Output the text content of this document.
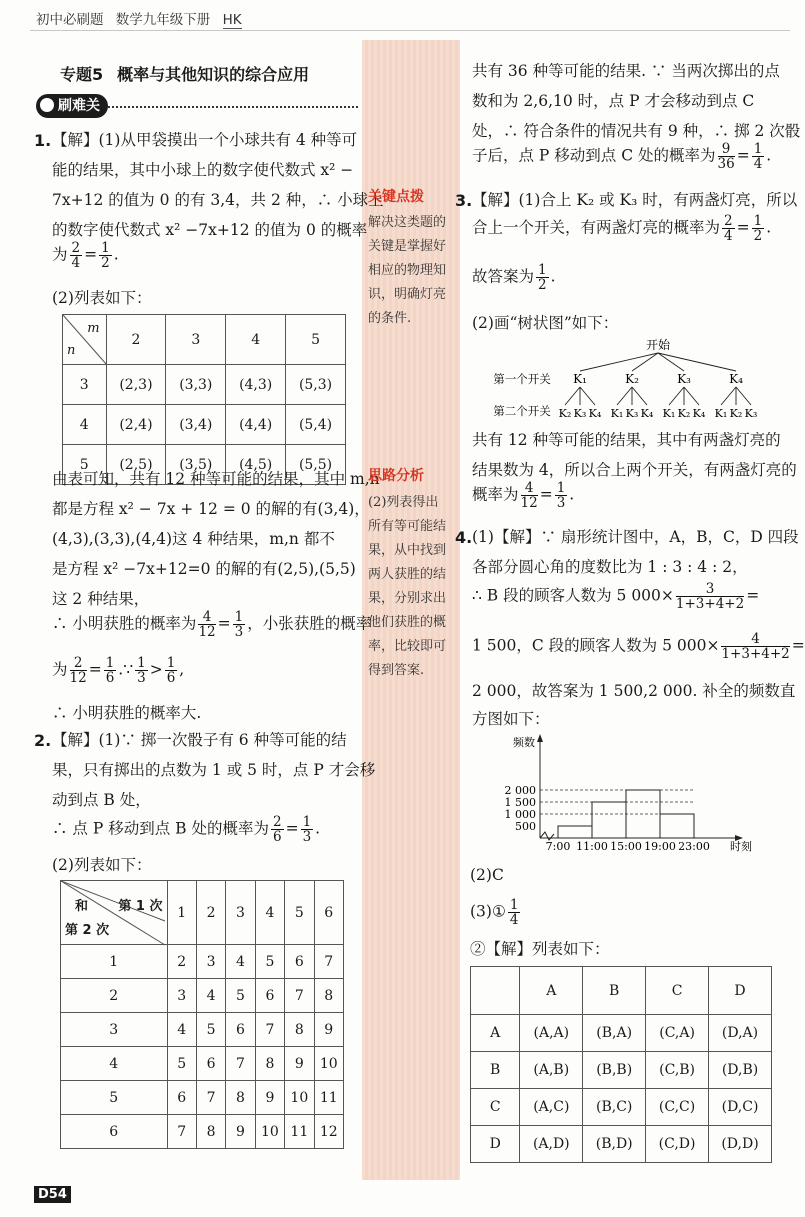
初中必刷题 数学九年级下册 HK
专题5 概率与其他知识的综合应用
刷难关
1. 【解】(1)从甲袋摸出一个小球共有 4 种等可
能的结果，其中小球上的数字使代数式 x² −
7x+12 的值为 0 的有 3,4，共 2 种，∴ 小球上
的数字使代数式 x² −7x+12 的值为 0 的概率
为 $\frac{2}{4} = \frac{1}{2}$ .
(2)列表如下：
m
n	2	3	4	5
3	(2,3)	(3,3)	(4,3)	(5,3)
4	(2,4)	(3,4)	(4,4)	(5,4)
5	(2,5)	(3,5)	(4,5)	(5,5)
由表可知，共有 12 种等可能的结果，其中 m,n
都是方程 x² − 7x + 12 = 0 的解的有(3,4)，
(4,3),(3,3),(4,4)这 4 种结果，m,n 都不
是方程 x² −7x+12=0 的解的有(2,5),(5,5)
这 2 种结果，
∴ 小明获胜的概率为 $\frac{4}{12} = \frac{1}{3}$ ，小张获胜的概率
为 $\frac{2}{12} = \frac{1}{6}$ .∵ $\frac{1}{3} > \frac{1}{6}$ ,
∴ 小明获胜的概率大.
2. 【解】(1)∵ 掷一次骰子有 6 种等可能的结
果，只有掷出的点数为 1 或 5 时，点 P 才会移
动到点 B 处，
∴ 点 P 移动到点 B 处的概率为 $\frac{2}{6} = \frac{1}{3}$ .
(2)列表如下：
和 第 1 次
第 2 次	1	2	3	4	5	6
1	2	3	4	5	6	7
2	3	4	5	6	7	8
3	4	5	6	7	8	9
4	5	6	7	8	9	10
5	6	7	8	9	10	11
6	7	8	9	10	11	12
关键点拨
解决这类题的
关键是掌握好
相应的物理知
识，明确灯亮
的条件.
思路分析
(2)列表得出
所有等可能结
果，从中找到
两人获胜的结
果，分别求出
他们获胜的概
率，比较即可
得到答案.
共有 36 种等可能的结果. ∵ 当两次掷出的点
数和为 2,6,10 时，点 P 才会移动到点 C
处，∴ 符合条件的情况共有 9 种，∴ 掷 2 次骰
子后，点 P 移动到点 C 处的概率为 $\frac{9}{36} = \frac{1}{4}$ .
3. 【解】(1)合上 K₂ 或 K₃ 时，有两盏灯亮，所以
合上一个开关，有两盏灯亮的概率为 $\frac{2}{4} = \frac{1}{2}$ .
故答案为 $\frac{1}{2}$ .
(2)画“树状图”如下：
开始
第一个开关
第二个开关
K₁
K₂ K₃ K₄
K₂
K₁ K₃ K₄
K₃
K₁ K₂ K₄
K₄
K₁ K₂ K₃
共有 12 种等可能的结果，其中有两盏灯亮的
结果数为 4，所以合上两个开关，有两盏灯亮的
概率为 $\frac{4}{12} = \frac{1}{3}$ .
4. (1)【解】∵ 扇形统计图中，A，B，C，D 四段
各部分圆心角的度数比为 1 : 3 : 4 : 2，
∴ B 段的顾客人数为 5 $000\times \frac{3}{1+3+4+2}$ =
1 500，C 段的顾客人数为 5 $000\times \frac{4}{1+3+4+2}$ =
2 000，故答案为 1 500,2 000. 补全的频数直
方图如下：
500
1 000
1 500
2 000
7:00 11:00 15:00 19:00 23:00 时刻
频数
(2)C
(3)① $\frac{1}{4}$
②【解】列表如下：
	A	B	C	D
A	(A,A)	(B,A)	(C,A)	(D,A)
B	(A,B)	(B,B)	(C,B)	(D,B)
C	(A,C)	(B,C)	(C,C)	(D,C)
D	(A,D)	(B,D)	(C,D)	(D,D)
D54
